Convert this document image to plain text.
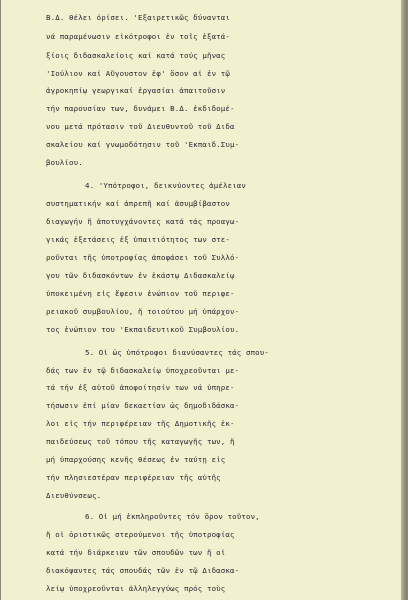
Β.Δ. θέλει όρίσει. 'Εξαιρετικῶς δύνανται

νά παραμένωσιν εἰκότροφοι ἐν τοῖς ἐξατά-

ξίοις διδασκαλείοις καί κατά τούς μῆνας

'Ιούλιον καί Αὔγουστον ἐφ' ὅσον αἱ ἐν τῷ

ἀγροκηπίῳ γεωργικαί ἐργασίαι ἀπαιτοῦσιν

τήν παρουσίαν των, δυνάμει Β.Δ. ἐκδιδομέ-

νου μετά πρότασιν τοῦ Διευθυντοῦ τοῦ Διδα

σκαλείου καί γνωμοδότησιν τοῦ 'Εκπαιδ.Συμ-

βουλίου.

4. 'Υπότροφοι, δεικνύοντες ἀμέλειαν

συστηματικήν καί ἀπρεπῆ καί ἀσυμβίβαστον

διαγωγήν ἤ ἀποτυγχάνοντες κατά τάς προαγω-

γικάς ἐξετάσεις ἐξ ὑπαιτιότητος των στε-

ροῦνται τῆς ὑποτροφίας ἀποφάσει τοῦ Συλλό-

γου τῶν διδασκόντων ἐν ἑκάστῳ Διδασκαλείῳ

ὑποκειμένη εἰς ἔφεσιν ἐνώπιον τοῦ περιφε-

ρειακοῦ συμβουλίου, ἤ τοιούτου μή ὑπάρχον-

τος ἐνώπιον του 'Εκπαιδευτικοῦ Συμβουλίου.

5. Οἱ ὡς ὑπότροφοι διανύσαντες τάς σπου-

δάς των ἐν τῷ διδασκαλείῳ ὑποχρεοῦνται με-

τά τήν ἐξ αὐτοῦ ἀποφοίτησίν των νά ὑπηρε-

τήσωσιν ἐπί μίαν δεκαετίαν ὡς δημοδιδάσκα-

λοι εἰς τήν περιφέρειαν τῆς Δημοτικῆς ἐκ-

παιδεύσεως τοῦ τόπου τῆς καταγωγῆς των, ἤ

μή ὑπαρχούσης κενῆς θέσεως ἐν ταύτῃ εἰς

τήν πλησιεστέραν περιφέρειαν τῆς αὐτῆς

Διευθύνσεως.

6. Οἱ μή ἐκπληροῦντες τόν ὅρον τοῦτον,

ἤ οἱ ὁριστικῶς στερούμενοι τῆς ὑποτροφίας

κατά τήν διάρκειαν τῶν σπουδῶν των ἤ οἱ

διακόψαντες τάς σπουδάς τῶν ἐν τῷ Διδασκα-

λείῳ ὑποχρεοῦνται ἀλληλεγγύως πρός τοὺς
